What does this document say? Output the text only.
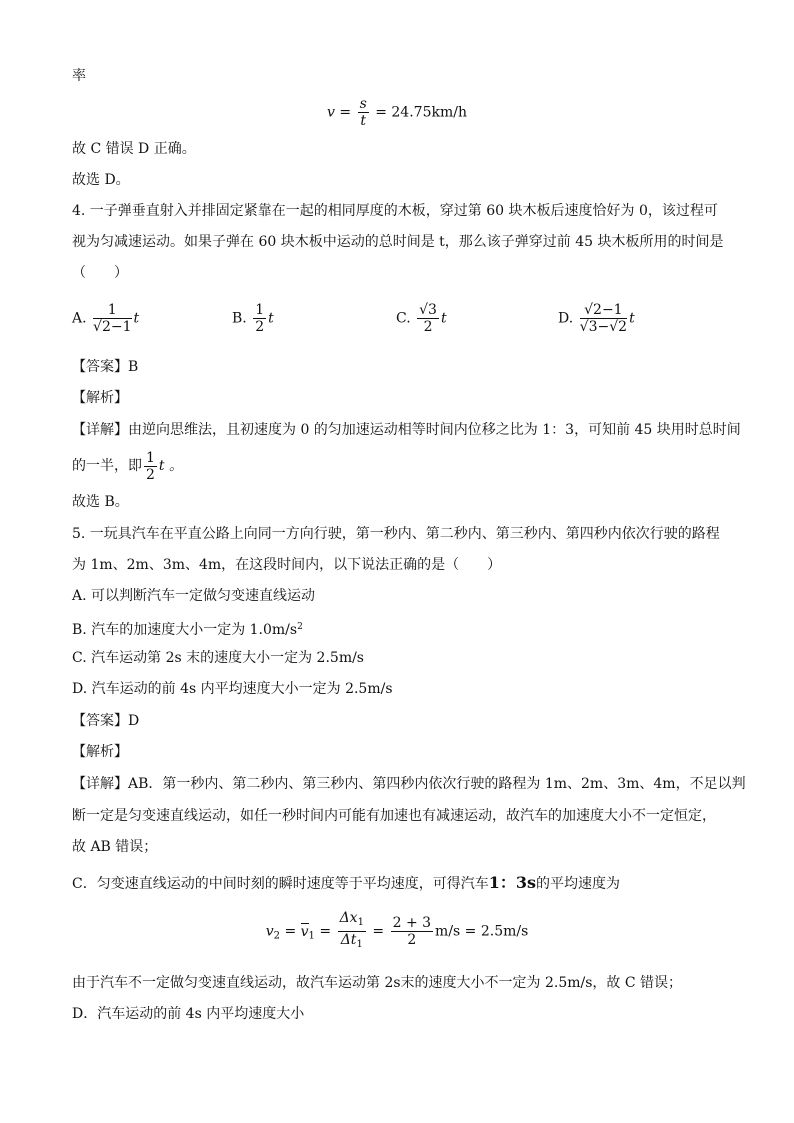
率
$v = \frac{s}{t} = 24.75km/h$
故 C 错误 D 正确。
故选 D。
4. 一子弹垂直射入并排固定紧靠在一起的相同厚度的木板，穿过第 60 块木板后速度恰好为 0，该过程可
视为匀减速运动。如果子弹在 60 块木板中运动的总时间是 t，那么该子弹穿过前 45 块木板所用的时间是
（　　）
A. $\frac{1}{√2-1}$ t	B. $\frac{1}{2}$ t	C. $\frac{√3}{2}$ t	D. $\frac{√2-1}{√3-√2}$ t
【答案】B
【解析】
【详解】由逆向思维法，且初速度为 0 的匀加速运动相等时间内位移之比为 1：3，可知前 45 块用时总时间
的一半，即 $\frac{1}{2}$ t 。
故选 B。
5. 一玩具汽车在平直公路上向同一方向行驶，第一秒内、第二秒内、第三秒内、第四秒内依次行驶的路程
为 1m、2m、3m、4m，在这段时间内，以下说法正确的是（　　）
A. 可以判断汽车一定做匀变速直线运动
B. 汽车的加速度大小一定为 $1.0m/s^2$
C. 汽车运动第 2s 末的速度大小一定为 2.5m/s
D. 汽车运动的前 4s 内平均速度大小一定为 2.5m/s
【答案】D
【解析】
【详解】AB．第一秒内、第二秒内、第三秒内、第四秒内依次行驶的路程为 1m、2m、3m、4m，不足以判
断一定是匀变速直线运动，如任一秒时间内可能有加速也有减速运动，故汽车的加速度大小不一定恒定，
故 AB 错误；
C．匀变速直线运动的中间时刻的瞬时速度等于平均速度，可得汽车1：3s的平均速度为
$v_2 = v_1 = \frac{\Delta x_1}{\Delta t_1} = \frac{2 + 3}{2} m/s = 2.5m/s$
由于汽车不一定做匀变速直线运动，故汽车运动第 2s末的速度大小不一定为 2.5m/s，故 C 错误；
D．汽车运动的前 4s 内平均速度大小
